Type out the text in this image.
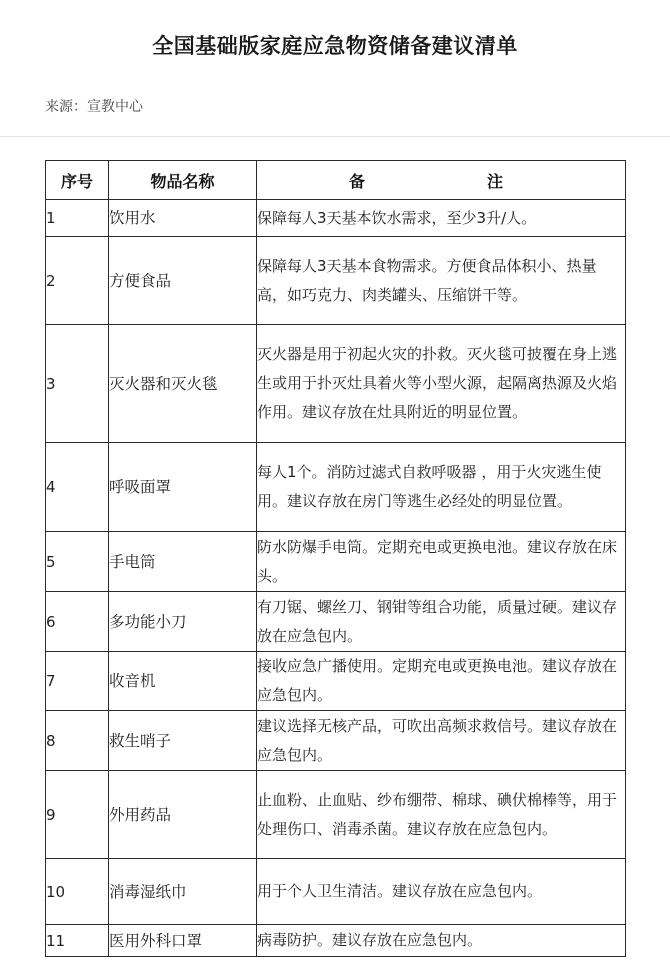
全国基础版家庭应急物资储备建议清单
来源：宣教中心
序号	物品名称	备　　注
1	饮用水	保障每人3天基本饮水需求，至少3升/人。
2	方便食品	保障每人3天基本食物需求。方便食品体积小、热量高，如巧克力、肉类罐头、压缩饼干等。
3	灭火器和灭火毯	灭火器是用于初起火灾的扑救。灭火毯可披覆在身上逃生或用于扑灭灶具着火等小型火源，起隔离热源及火焰作用。建议存放在灶具附近的明显位置。
4	呼吸面罩	每人1个。消防过滤式自救呼吸器 ，用于火灾逃生使用。建议存放在房门等逃生必经处的明显位置。
5	手电筒	防水防爆手电筒。定期充电或更换电池。建议存放在床头。
6	多功能小刀	有刀锯、螺丝刀、钢钳等组合功能，质量过硬。建议存放在应急包内。
7	收音机	接收应急广播使用。定期充电或更换电池。建议存放在应急包内。
8	救生哨子	建议选择无核产品，可吹出高频求救信号。建议存放在应急包内。
9	外用药品	止血粉、止血贴、纱布绷带、棉球、碘伏棉棒等，用于处理伤口、消毒杀菌。建议存放在应急包内。
10	消毒湿纸巾	用于个人卫生清洁。建议存放在应急包内。
11	医用外科口罩	病毒防护。建议存放在应急包内。
